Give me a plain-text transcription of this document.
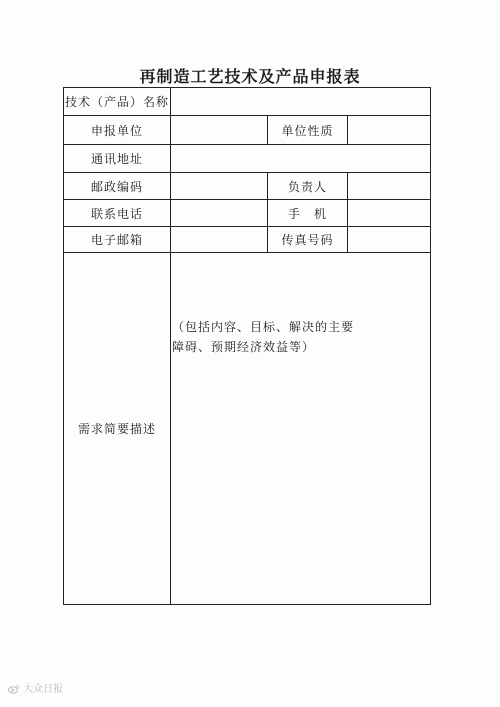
再制造工艺技术及产品申报表
技术（产品）名称
申报单位	单位性质
通讯地址
邮政编码	负责人
联系电话	手　机
电子邮箱	传真号码
需求简要描述
（包括内容、目标、解决的主要障碍、预期经济效益等）
大众日报
